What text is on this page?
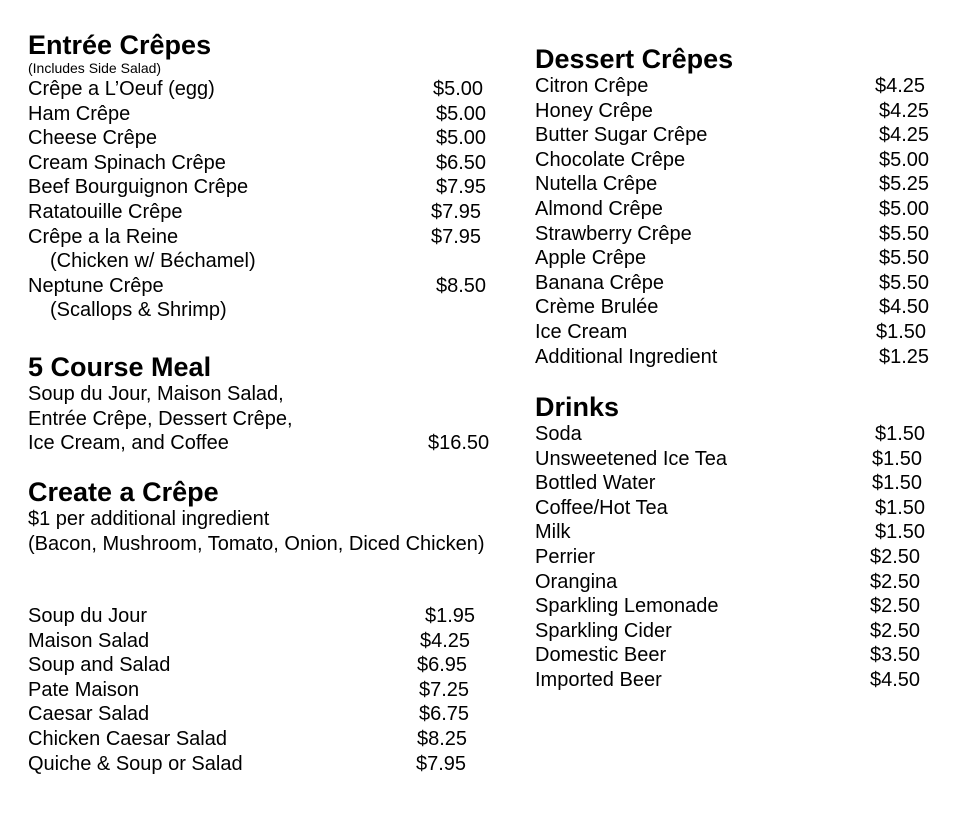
Entrée Crêpes
(Includes Side Salad)
Crêpe a L’Oeuf (egg)	$5.00
Ham Crêpe	$5.00
Cheese Crêpe	$5.00
Cream Spinach Crêpe	$6.50
Beef Bourguignon Crêpe	$7.95
Ratatouille Crêpe	$7.95
Crêpe a la Reine	$7.95
(Chicken w/ Béchamel)
Neptune Crêpe	$8.50
(Scallops & Shrimp)
5 Course Meal
Soup du Jour, Maison Salad,
Entrée Crêpe, Dessert Crêpe,
Ice Cream, and Coffee	$16.50
Create a Crêpe
$1 per additional ingredient
(Bacon, Mushroom, Tomato, Onion, Diced Chicken)
Soup du Jour	$1.95
Maison Salad	$4.25
Soup and Salad	$6.95
Pate Maison	$7.25
Caesar Salad	$6.75
Chicken Caesar Salad	$8.25
Quiche & Soup or Salad	$7.95
Dessert Crêpes
Citron Crêpe	$4.25
Honey Crêpe	$4.25
Butter Sugar Crêpe	$4.25
Chocolate Crêpe	$5.00
Nutella Crêpe	$5.25
Almond Crêpe	$5.00
Strawberry Crêpe	$5.50
Apple Crêpe	$5.50
Banana Crêpe	$5.50
Crème Brulée	$4.50
Ice Cream	$1.50
Additional Ingredient	$1.25
Drinks
Soda	$1.50
Unsweetened Ice Tea	$1.50
Bottled Water	$1.50
Coffee/Hot Tea	$1.50
Milk	$1.50
Perrier	$2.50
Orangina	$2.50
Sparkling Lemonade	$2.50
Sparkling Cider	$2.50
Domestic Beer	$3.50
Imported Beer	$4.50
